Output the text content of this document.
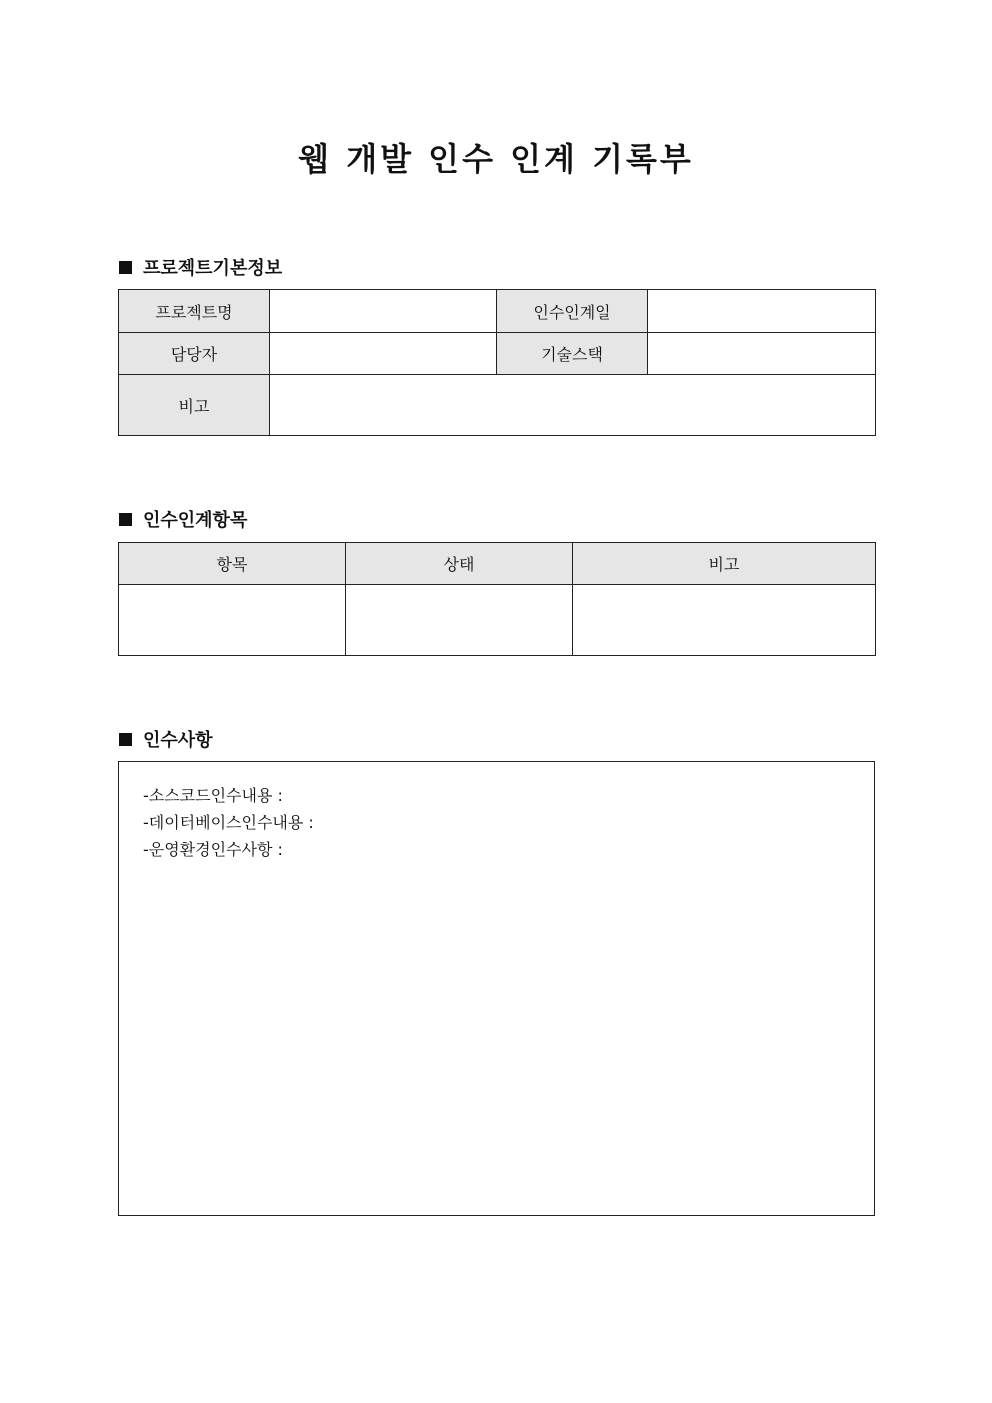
웹 개발 인수 인계 기록부
프로젝트기본정보
프로젝트명		인수인계일	
담당자		기술스택	
비고			
인수인계항목
항목	상태	비고

인수사항
-소스코드인수내용 :
-데이터베이스인수내용 :
-운영환경인수사항 :
